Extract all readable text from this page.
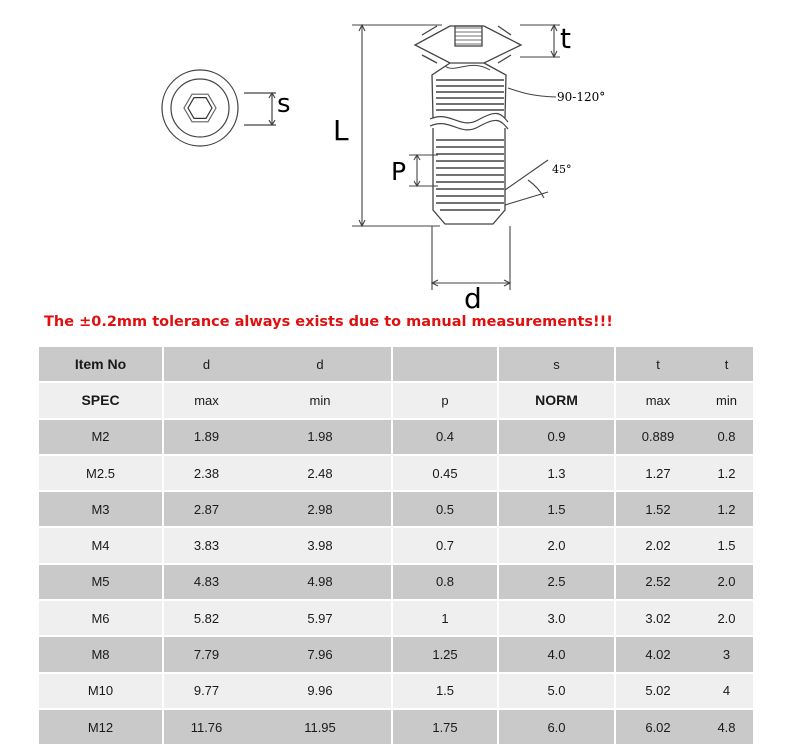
s
t
L
P
d
90-120°
45°
The ±0.2mm tolerance always exists due to manual measurements!!!
Item No	d	d		s	t	t
SPEC	max	min	p	NORM	max	min
M2	1.89	1.98	0.4	0.9	0.889	0.8
M2.5	2.38	2.48	0.45	1.3	1.27	1.2
M3	2.87	2.98	0.5	1.5	1.52	1.2
M4	3.83	3.98	0.7	2.0	2.02	1.5
M5	4.83	4.98	0.8	2.5	2.52	2.0
M6	5.82	5.97	1	3.0	3.02	2.0
M8	7.79	7.96	1.25	4.0	4.02	3
M10	9.77	9.96	1.5	5.0	5.02	4
M12	11.76	11.95	1.75	6.0	6.02	4.8
